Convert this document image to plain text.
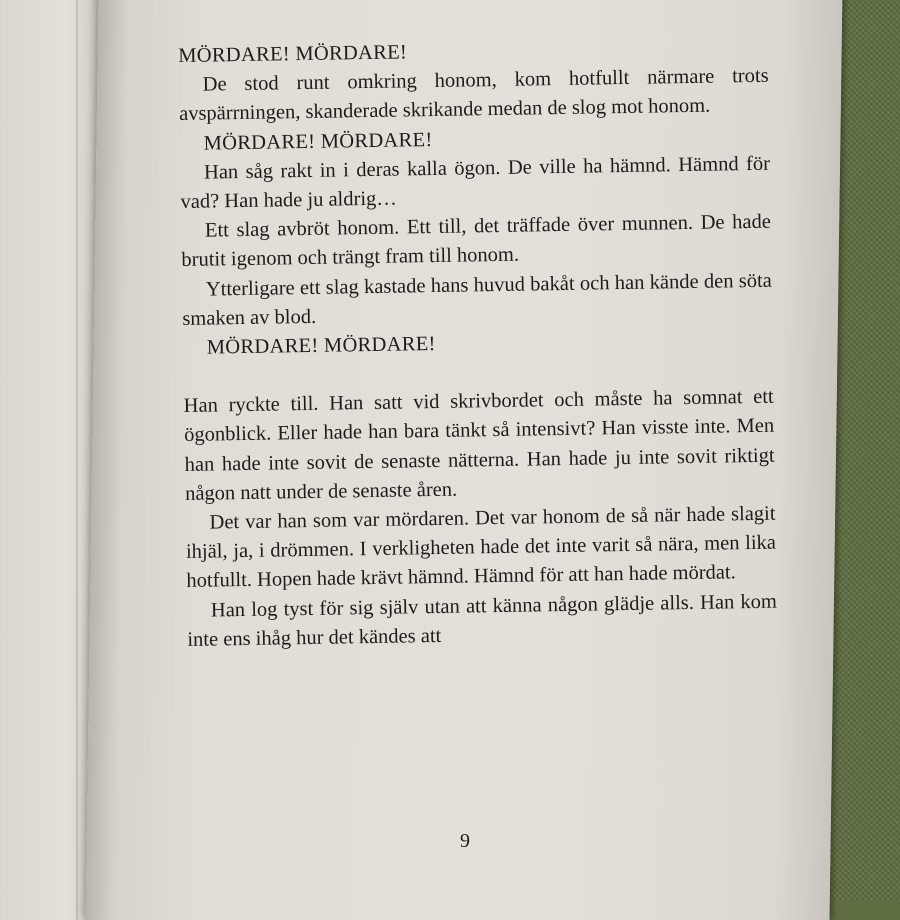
MÖRDARE! MÖRDARE!

De stod runt omkring honom, kom hotfullt närmare trots avspärrningen, skanderade skrikande medan de slog mot honom.

MÖRDARE! MÖRDARE!

Han såg rakt in i deras kalla ögon. De ville ha hämnd. Hämnd för vad? Han hade ju aldrig…

Ett slag avbröt honom. Ett till, det träffade över munnen. De hade brutit igenom och trängt fram till honom.

Ytterligare ett slag kastade hans huvud bakåt och han kände den söta smaken av blod.

MÖRDARE! MÖRDARE!

Han ryckte till. Han satt vid skrivbordet och måste ha somnat ett ögonblick. Eller hade han bara tänkt så intensivt? Han visste inte. Men han hade inte sovit de senaste nätterna. Han hade ju inte sovit riktigt någon natt under de senaste åren.

Det var han som var mördaren. Det var honom de så när hade slagit ihjäl, ja, i drömmen. I verkligheten hade det inte varit så nära, men lika hotfullt. Hopen hade krävt hämnd. Hämnd för att han hade mördat.

Han log tyst för sig själv utan att känna någon glädje alls. Han kom inte ens ihåg hur det kändes att

9
